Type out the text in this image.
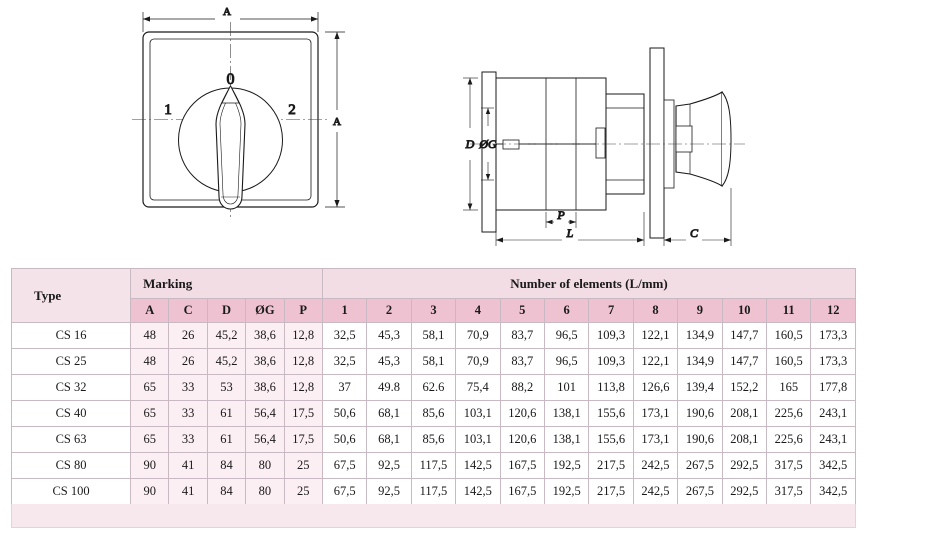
A
A
0
1	2
D ØG
P
L	C
Type	Marking					Number of elements (L/mm)											
	A	C	D	ØG	P	1	2	3	4	5	6	7	8	9	10	11	12
CS 16	48	26	45,2	38,6	12,8	32,5	45,3	58,1	70,9	83,7	96,5	109,3	122,1	134,9	147,7	160,5	173,3
CS 25	48	26	45,2	38,6	12,8	32,5	45,3	58,1	70,9	83,7	96,5	109,3	122,1	134,9	147,7	160,5	173,3
CS 32	65	33	53	38,6	12,8	37	49.8	62.6	75,4	88,2	101	113,8	126,6	139,4	152,2	165	177,8
CS 40	65	33	61	56,4	17,5	50,6	68,1	85,6	103,1	120,6	138,1	155,6	173,1	190,6	208,1	225,6	243,1
CS 63	65	33	61	56,4	17,5	50,6	68,1	85,6	103,1	120,6	138,1	155,6	173,1	190,6	208,1	225,6	243,1
CS 80	90	41	84	80	25	67,5	92,5	117,5	142,5	167,5	192,5	217,5	242,5	267,5	292,5	317,5	342,5
CS 100	90	41	84	80	25	67,5	92,5	117,5	142,5	167,5	192,5	217,5	242,5	267,5	292,5	317,5	342,5
